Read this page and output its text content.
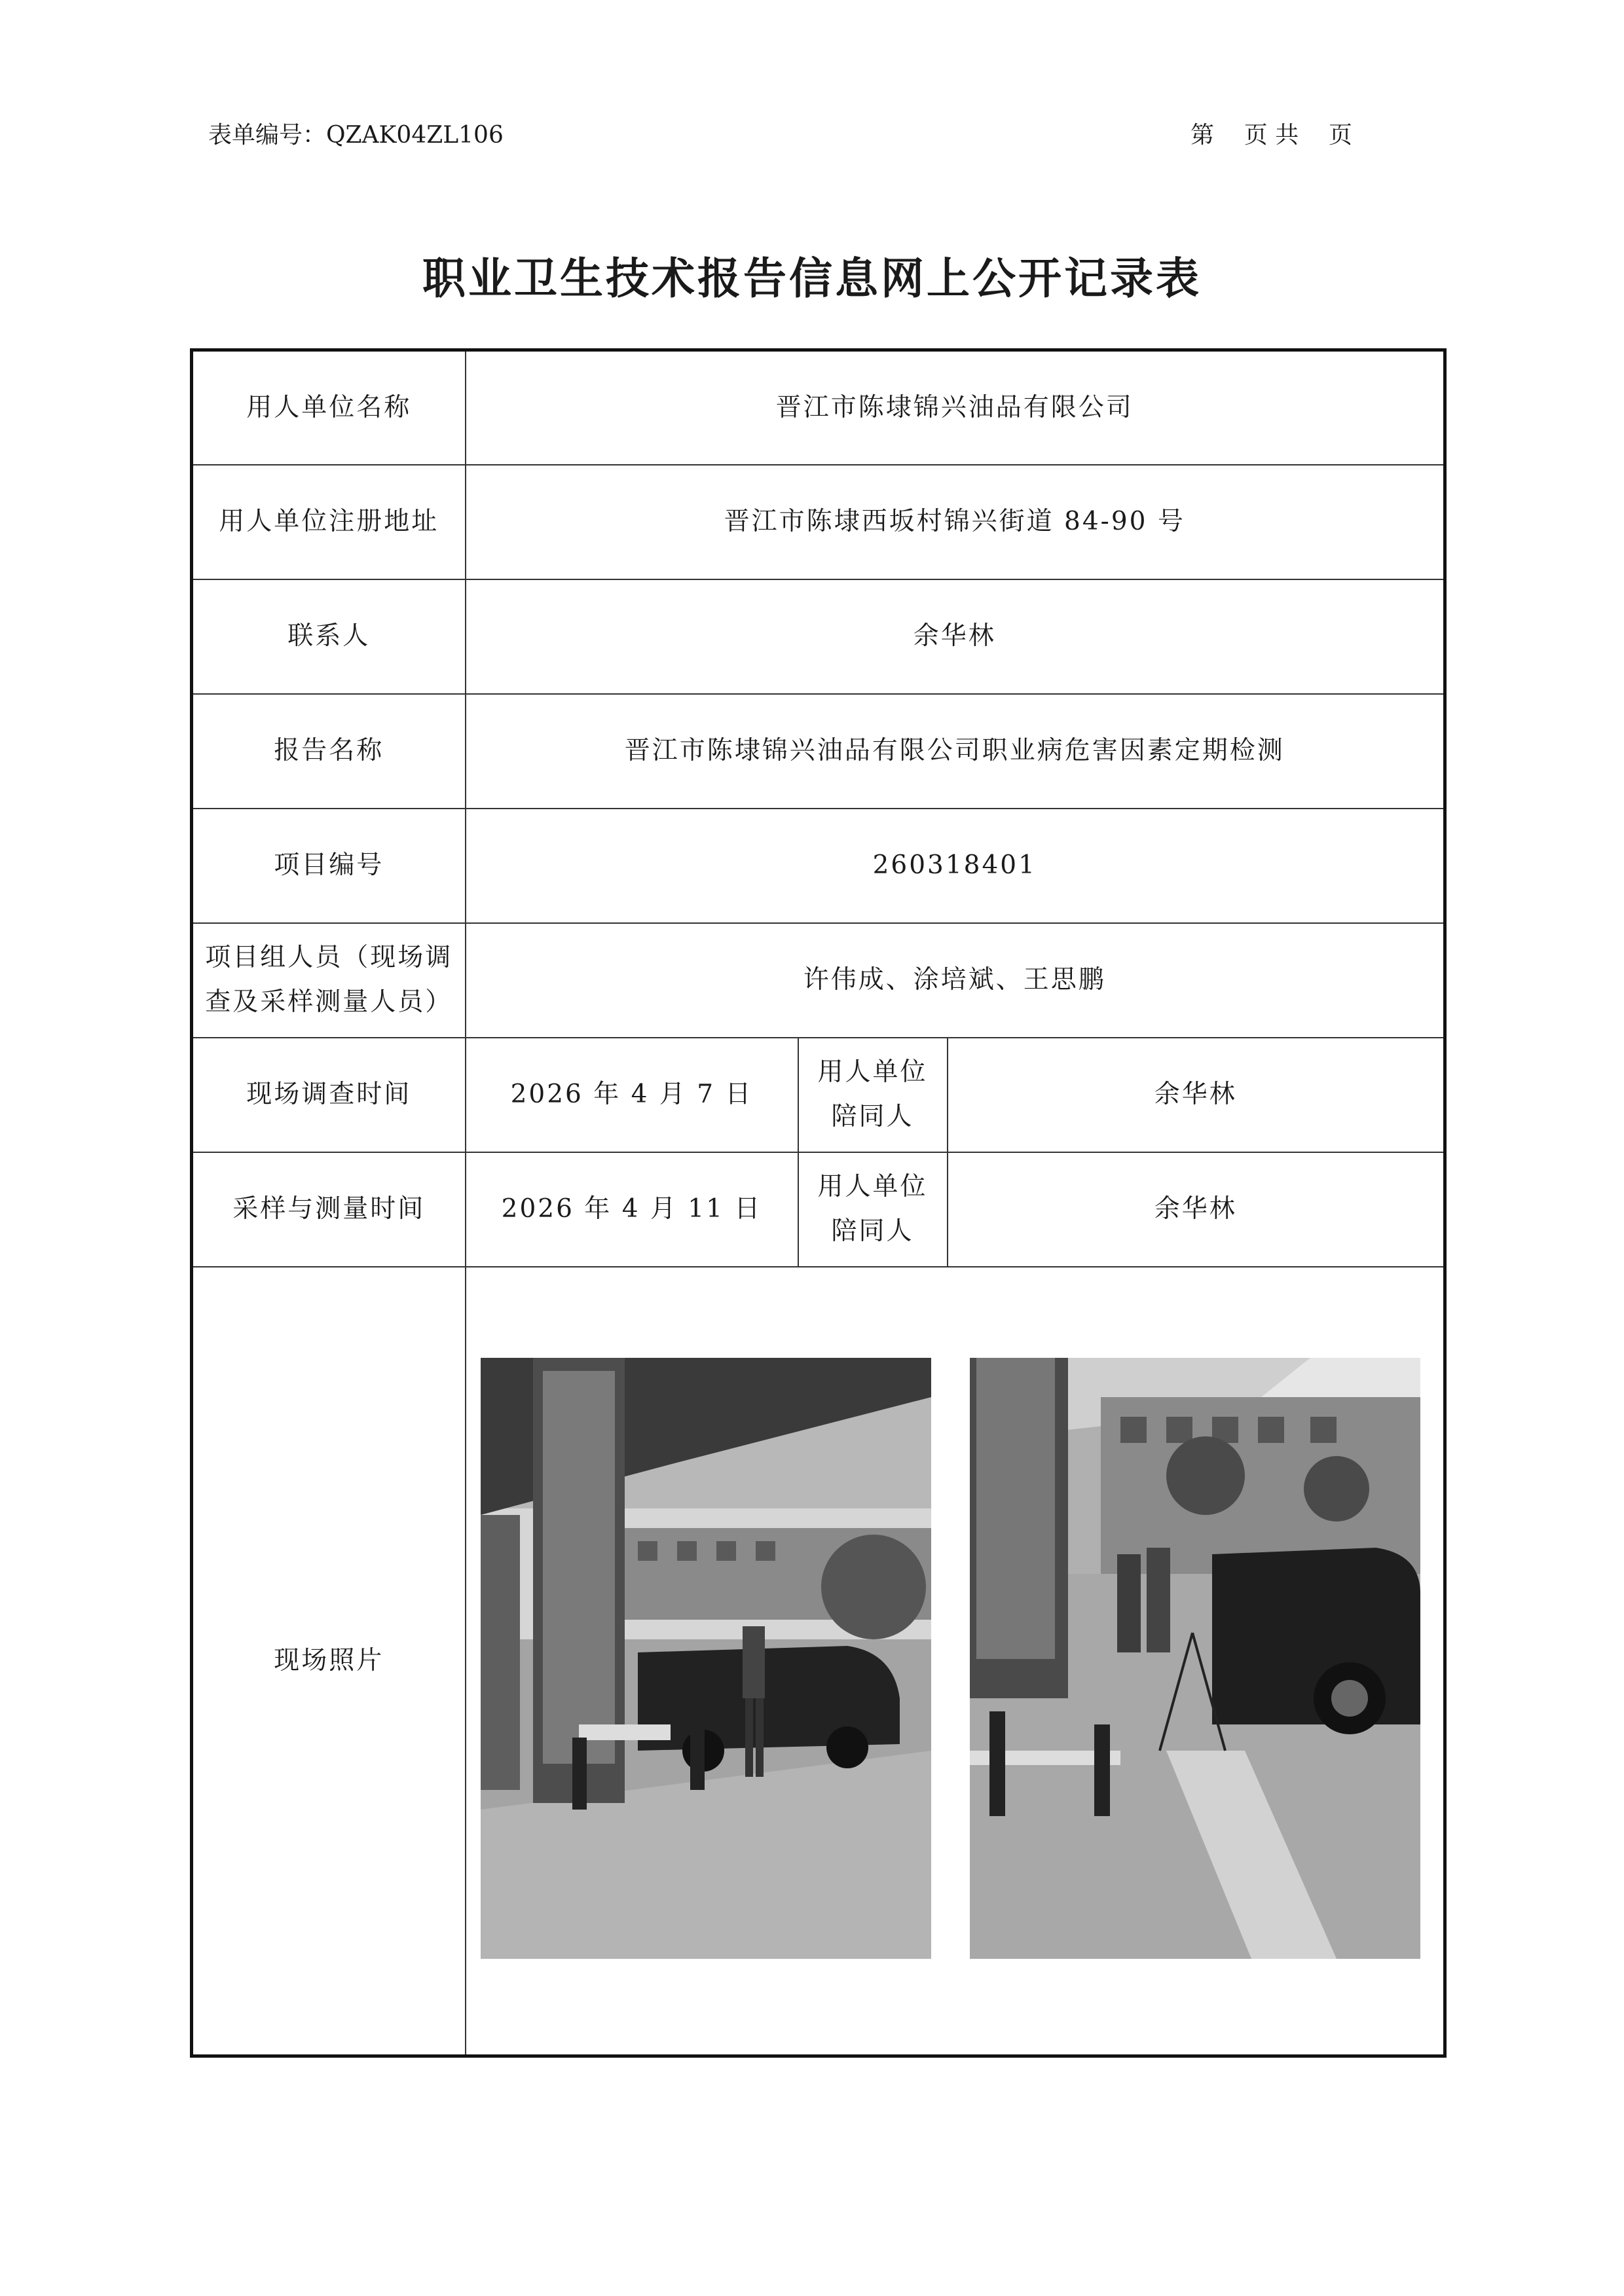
表单编号：QZAK04ZL106	第    页 共    页
职业卫生技术报告信息网上公开记录表
用人单位名称	晋江市陈埭锦兴油品有限公司		
用人单位注册地址	晋江市陈埭西坂村锦兴街道 84-90 号		
联系人	余华林		
报告名称	晋江市陈埭锦兴油品有限公司职业病危害因素定期检测		
项目编号	260318401		
项目组人员（现场调查及采样测量人员）	许伟成、涂培斌、王思鹏		
现场调查时间	2026 年 4 月 7 日	用人单位陪同人	余华林
采样与测量时间	2026 年 4 月 11 日	用人单位陪同人	余华林
现场照片	
